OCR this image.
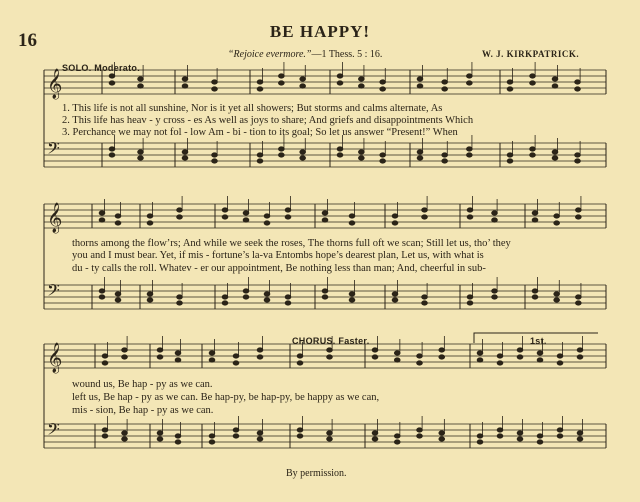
16	BE HAPPY!
“Rejoice evermore.”—1 Thess. 5 : 16.	W. J. KIRKPATRICK.
𝄞
𝄢
𝄞
𝄢
𝄞
𝄢
SOLO. Moderato.
CHORUS. Faster.	1st.
1. This life is not all sunshine, Nor is it yet all showers; But storms and calms alternate, As
2. This life has heav - y cross - es As well as joys to share; And griefs and disappointments Which
3. Perchance we may not fol - low Am - bi - tion to its goal; So let us answer “Present!” When
thorns among the flow’rs; And while we seek the roses, The thorns full oft we scan; Still let us, tho’ they
you and I must bear. Yet, if mis - fortune’s la-va Entombs hope’s dearest plan, Let us, with what is
du - ty calls the roll. Whatev - er our appointment, Be nothing less than man; And, cheerful in sub-
wound us, Be hap - py as we can.
left us, Be hap - py as we can. Be hap-py, be hap-py, be happy as we can,
mis - sion, Be hap - py as we can.
By permission.
